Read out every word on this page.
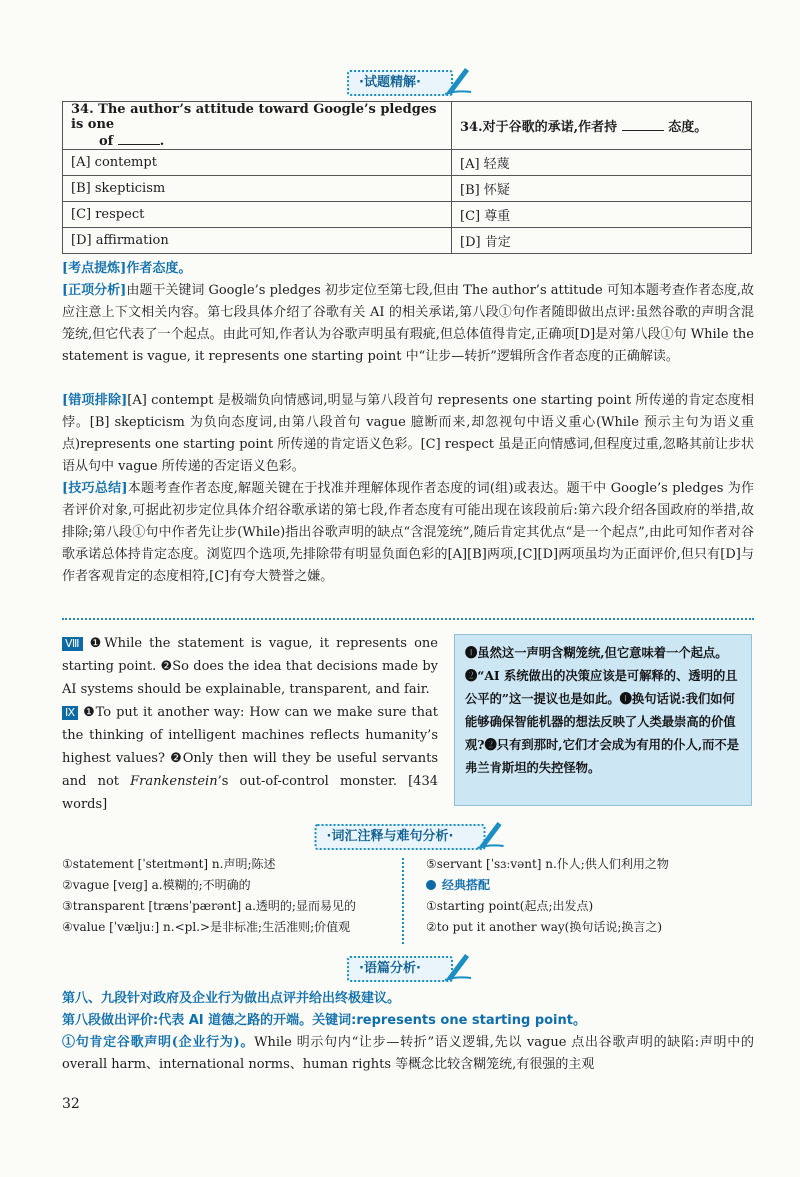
·试题精解·
34. The author’s attitude toward Google’s pledges is one
of .	34.对于谷歌的承诺,作者持 态度。
[A] contempt	[A] 轻蔑
[B] skepticism	[B] 怀疑
[C] respect	[C] 尊重
[D] affirmation	[D] 肯定
[考点提炼]作者态度。
[正项分析]由题干关键词 Google’s pledges 初步定位至第七段,但由 The author’s attitude 可知本题考查作者态度,故应注意上下文相关内容。第七段具体介绍了谷歌有关 AI 的相关承诺,第八段①句作者随即做出点评:虽然谷歌的声明含混笼统,但它代表了一个起点。由此可知,作者认为谷歌声明虽有瑕疵,但总体值得肯定,正确项[D]是对第八段①句 While the statement is vague, it represents one starting point 中“让步—转折”逻辑所含作者态度的正确解读。
[错项排除][A] contempt 是极端负向情感词,明显与第八段首句 represents one starting point 所传递的肯定态度相悖。[B] skepticism 为负向态度词,由第八段首句 vague 臆断而来,却忽视句中语义重心(While 预示主句为语义重点)represents one starting point 所传递的肯定语义色彩。[C] respect 虽是正向情感词,但程度过重,忽略其前让步状语从句中 vague 所传递的否定语义色彩。
[技巧总结]本题考查作者态度,解题关键在于找准并理解体现作者态度的词(组)或表达。题干中 Google’s pledges 为作者评价对象,可据此初步定位具体介绍谷歌承诺的第七段,作者态度有可能出现在该段前后:第六段介绍各国政府的举措,故排除;第八段①句中作者先让步(While)指出谷歌声明的缺点“含混笼统”,随后肯定其优点“是一个起点”,由此可知作者对谷歌承诺总体持肯定态度。浏览四个选项,先排除带有明显负面色彩的[A][B]两项,[C][D]两项虽均为正面评价,但只有[D]与作者客观肯定的态度相符,[C]有夸大赞誉之嫌。
Ⅷ ❶While the statement is vague, it represents one starting point. ❷So does the idea that decisions made by AI systems should be explainable, transparent, and fair.
Ⅸ ❶To put it another way: How can we make sure that the thinking of intelligent machines reflects humanity’s highest values? ❷Only then will they be useful servants and not Frankenstein’s out-of-control monster. [434 words]
❶虽然这一声明含糊笼统,但它意味着一个起点。❷“AI 系统做出的决策应该是可解释的、透明的且公平的”这一提议也是如此。❶换句话说:我们如何能够确保智能机器的想法反映了人类最崇高的价值观?❷只有到那时,它们才会成为有用的仆人,而不是弗兰肯斯坦的失控怪物。
·词汇注释与难句分析·
①statement [ˈsteɪtmənt] n.声明;陈述
②vague [veɪɡ] a.模糊的;不明确的
③transparent [trænsˈpærənt] a.透明的;显而易见的
④value [ˈvæljuː] n.<pl.>是非标准;生活准则;价值观
⑤servant [ˈsɜːvənt] n.仆人;供人们利用之物
经典搭配
①starting point(起点;出发点)
②to put it another way(换句话说;换言之)
·语篇分析·
第八、九段针对政府及企业行为做出点评并给出终极建议。
第八段做出评价:代表 AI 道德之路的开端。关键词:represents one starting point。
①句肯定谷歌声明(企业行为)。While 明示句内“让步—转折”语义逻辑,先以 vague 点出谷歌声明的缺陷:声明中的 overall harm、international norms、human rights 等概念比较含糊笼统,有很强的主观
32
